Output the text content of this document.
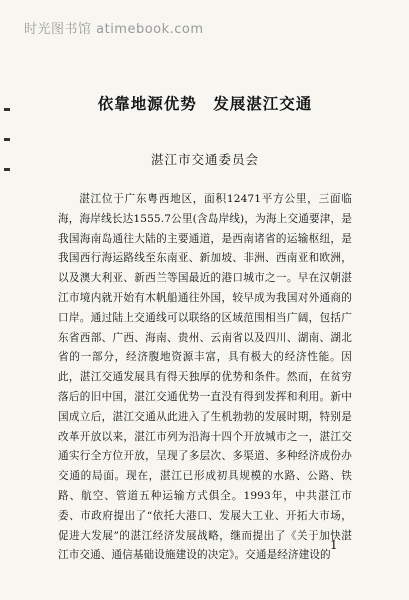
时光图书馆 atimebook.com
依靠地源优势　发展湛江交通
湛江市交通委员会

湛江位于广东粤西地区，面积12471平方公里，三面临海，海岸线长达1555.7公里(含岛岸线)，为海上交通要津，是我国海南岛通往大陆的主要通道，是西南诸省的运输枢纽，是我国西行海运路线至东南亚、新加坡、非洲、西南亚和欧洲，以及澳大利亚、新西兰等国最近的港口城市之一。早在汉朝湛江市境内就开始有木帆船通往外国，较早成为我国对外通商的口岸。通过陆上交通线可以联络的区域范围相当广阔，包括广东省西部、广西、海南、贵州、云南省以及四川、湖南、湖北省的一部分，经济腹地资源丰富，具有极大的经济性能。因此，湛江交通发展具有得天独厚的优势和条件。然而，在贫穷落后的旧中国，湛江交通优势一直没有得到发挥和利用。新中国成立后，湛江交通从此进入了生机勃勃的发展时期，特别是改革开放以来，湛江市列为沿海十四个开放城市之一，湛江交通实行全方位开放，呈现了多层次、多渠道、多种经济成份办交通的局面。现在，湛江已形成初具规模的水路、公路、铁路、航空、管道五种运输方式俱全。1993年，中共湛江市委、市政府提出了“依托大港口、发展大工业、开拓大市场，促进大发展”的湛江经济发展战略，继而提出了《关于加快湛江市交通、通信基础设施建设的决定》。交通是经济建设的

1
